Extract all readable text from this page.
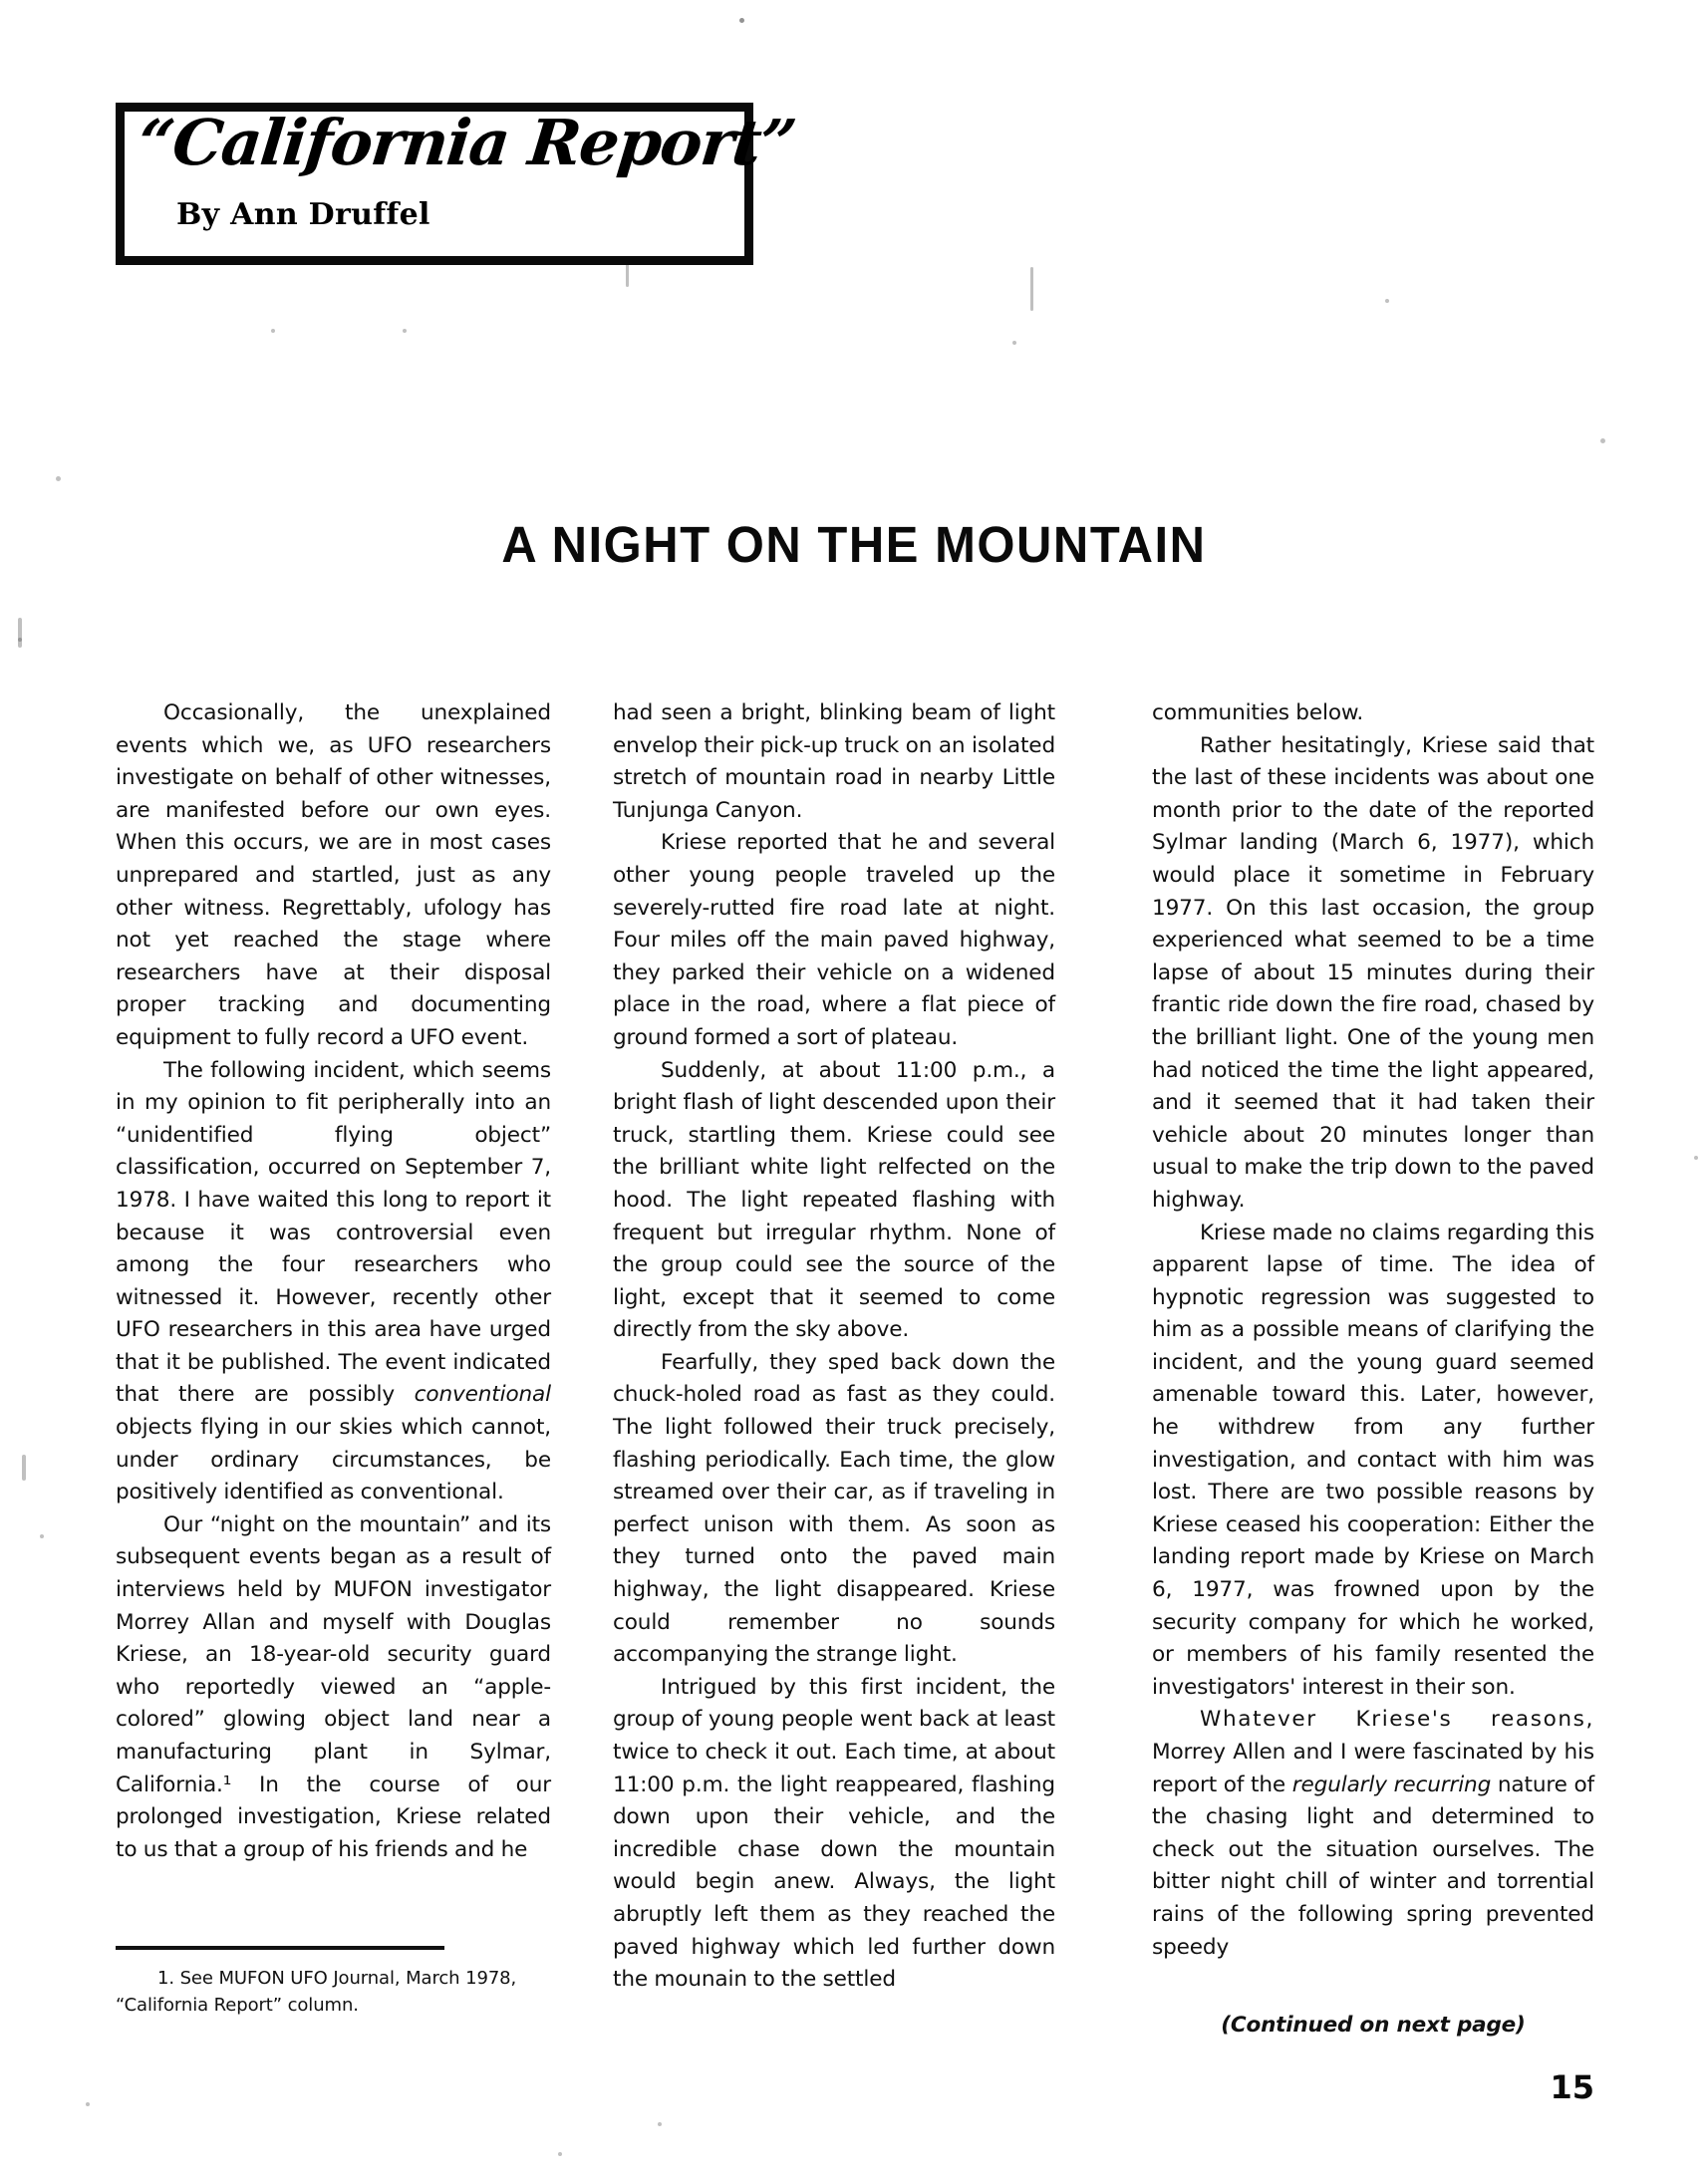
“California Report”
By Ann Druffel
A NIGHT ON THE MOUNTAIN

Occasionally, the unexplained events which we, as UFO researchers investigate on behalf of other witnesses, are manifested before our own eyes. When this occurs, we are in most cases unprepared and startled, just as any other witness. Regrettably, ufology has not yet reached the stage where researchers have at their disposal proper tracking and documenting equipment to fully record a UFO event.

The following incident, which seems in my opinion to fit peripherally into an “unidentified flying object” classification, occurred on September 7, 1978. I have waited this long to report it because it was controversial even among the four researchers who witnessed it. However, recently other UFO researchers in this area have urged that it be published. The event indicated that there are possibly conventional objects flying in our skies which cannot, under ordinary circumstances, be positively identified as conventional.

Our “night on the mountain” and its subsequent events began as a result of interviews held by MUFON investigator Morrey Allan and myself with Douglas Kriese, an 18-year-old security guard who reportedly viewed an “apple-colored” glowing object land near a manufacturing plant in Sylmar, California.¹ In the course of our prolonged investigation, Kriese related to us that a group of his friends and he

had seen a bright, blinking beam of light envelop their pick-up truck on an isolated stretch of mountain road in nearby Little Tunjunga Canyon.

Kriese reported that he and several other young people traveled up the severely-rutted fire road late at night. Four miles off the main paved highway, they parked their vehicle on a widened place in the road, where a flat piece of ground formed a sort of plateau.

Suddenly, at about 11:00 p.m., a bright flash of light descended upon their truck, startling them. Kriese could see the brilliant white light relfected on the hood. The light repeated flashing with frequent but irregular rhythm. None of the group could see the source of the light, except that it seemed to come directly from the sky above.

Fearfully, they sped back down the chuck-holed road as fast as they could. The light followed their truck precisely, flashing periodically. Each time, the glow streamed over their car, as if traveling in perfect unison with them. As soon as they turned onto the paved main highway, the light disappeared. Kriese could remember no sounds accompanying the strange light.

Intrigued by this first incident, the group of young people went back at least twice to check it out. Each time, at about 11:00 p.m. the light reappeared, flashing down upon their vehicle, and the incredible chase down the mountain would begin anew. Always, the light abruptly left them as they reached the paved highway which led further down the mounain to the settled

communities below.

Rather hesitatingly, Kriese said that the last of these incidents was about one month prior to the date of the reported Sylmar landing (March 6, 1977), which would place it sometime in February 1977. On this last occasion, the group experienced what seemed to be a time lapse of about 15 minutes during their frantic ride down the fire road, chased by the brilliant light. One of the young men had noticed the time the light appeared, and it seemed that it had taken their vehicle about 20 minutes longer than usual to make the trip down to the paved highway.

Kriese made no claims regarding this apparent lapse of time. The idea of hypnotic regression was suggested to him as a possible means of clarifying the incident, and the young guard seemed amenable toward this. Later, however, he withdrew from any further investigation, and contact with him was lost. There are two possible reasons by Kriese ceased his cooperation: Either the landing report made by Kriese on March 6, 1977, was frowned upon by the security company for which he worked, or members of his family resented the investigators' interest in their son.

Whatever Kriese's reasons, Morrey Allen and I were fascinated by his report of the regularly recurring nature of the chasing light and determined to check out the situation ourselves. The bitter night chill of winter and torrential rains of the following spring prevented speedy

1. See MUFON UFO Journal, March 1978, “California Report” column.
(Continued on next page)
15
